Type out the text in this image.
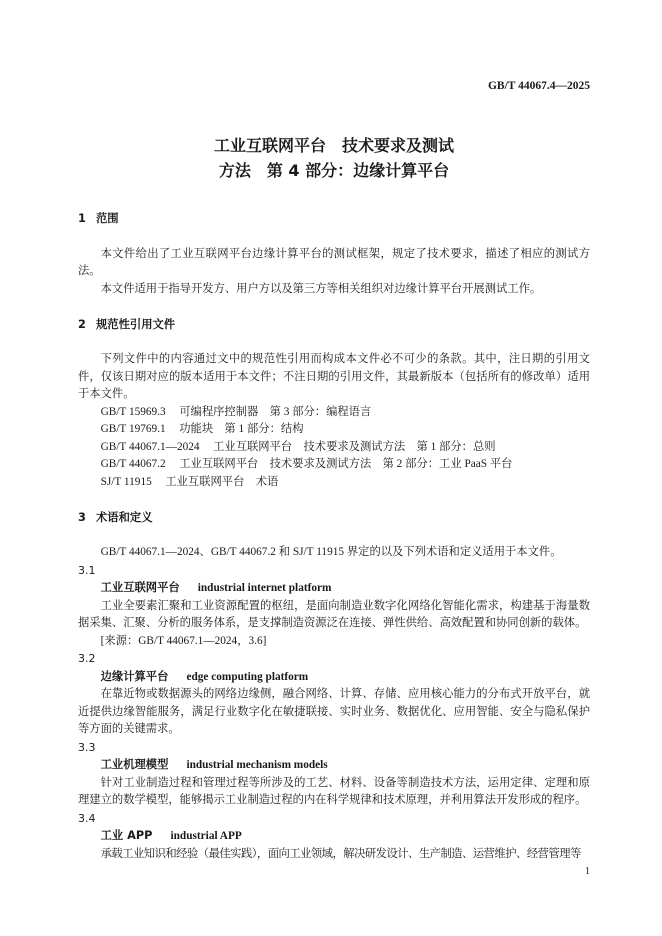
GB/T 44067.4—2025
工业互联网平台　技术要求及测试
方法　第 4 部分：边缘计算平台
1 范围

本文件给出了工业互联网平台边缘计算平台的测试框架，规定了技术要求，描述了相应的测试方法。

本文件适用于指导开发方、用户方以及第三方等相关组织对边缘计算平台开展测试工作。

2 规范性引用文件

下列文件中的内容通过文中的规范性引用而构成本文件必不可少的条款。其中，注日期的引用文件，仅该日期对应的版本适用于本文件；不注日期的引用文件，其最新版本（包括所有的修改单）适用于本文件。

GB/T 15969.3 可编程序控制器　第 3 部分：编程语言
GB/T 19769.1 功能块　第 1 部分：结构
GB/T 44067.1—2024 工业互联网平台　技术要求及测试方法　第 1 部分：总则
GB/T 44067.2 工业互联网平台　技术要求及测试方法　第 2 部分：工业 PaaS 平台
SJ/T 11915 工业互联网平台　术语
3 术语和定义

GB/T 44067.1—2024、GB/T 44067.2 和 SJ/T 11915 界定的以及下列术语和定义适用于本文件。

3.1
工业互联网平台 industrial internet platform

工业全要素汇聚和工业资源配置的枢纽，是面向制造业数字化网络化智能化需求，构建基于海量数据采集、汇聚、分析的服务体系，是支撑制造资源泛在连接、弹性供给、高效配置和协同创新的载体。

[来源：GB/T 44067.1—2024，3.6]
3.2
边缘计算平台 edge computing platform

在靠近物或数据源头的网络边缘侧，融合网络、计算、存储、应用核心能力的分布式开放平台，就近提供边缘智能服务，满足行业数字化在敏捷联接、实时业务、数据优化、应用智能、安全与隐私保护等方面的关键需求。

3.3
工业机理模型 industrial mechanism models

针对工业制造过程和管理过程等所涉及的工艺、材料、设备等制造技术方法，运用定律、定理和原理建立的数学模型，能够揭示工业制造过程的内在科学规律和技术原理，并利用算法开发形成的程序。

3.4
工业 APP industrial APP

承载工业知识和经验（最佳实践），面向工业领域，解决研发设计、生产制造、运营维护、经营管理等

1
